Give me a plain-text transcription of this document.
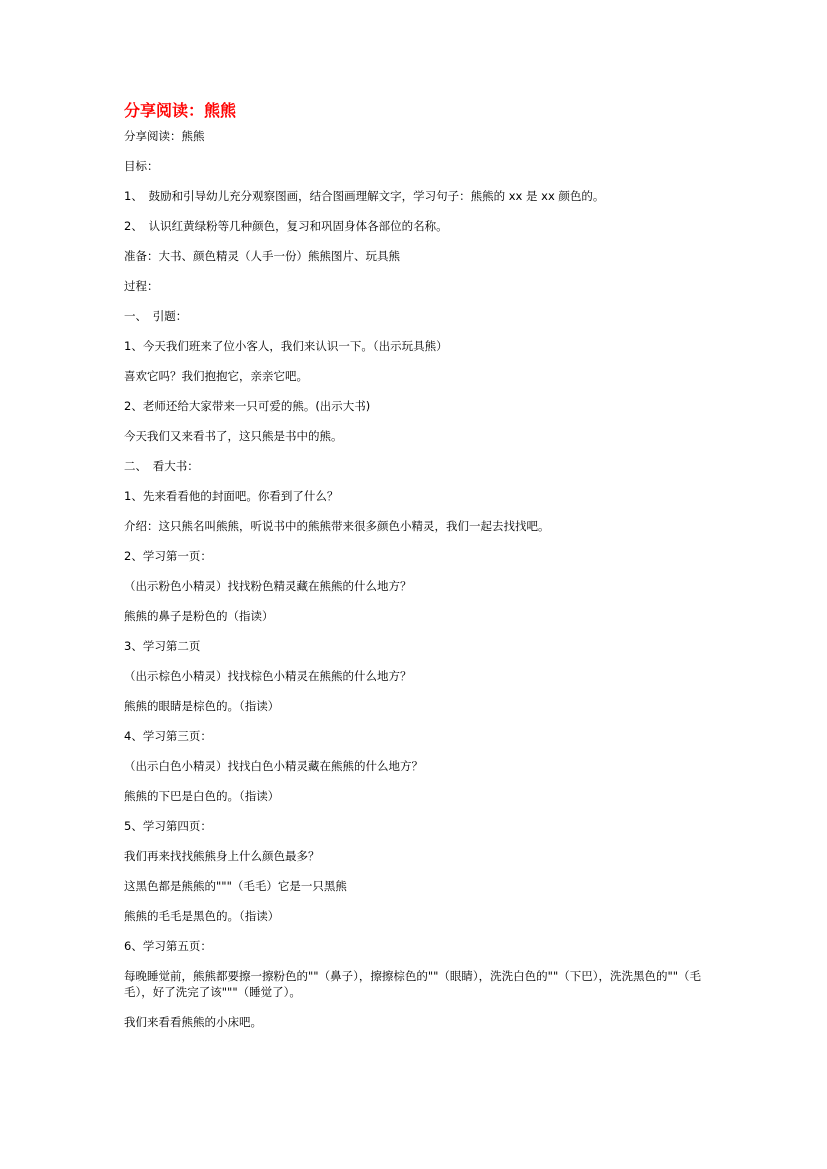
分享阅读：熊熊

分享阅读：熊熊

目标：

1、　鼓励和引导幼儿充分观察图画，结合图画理解文字，学习句子：熊熊的 xx 是 xx 颜色的。

2、　认识红黄绿粉等几种颜色，复习和巩固身体各部位的名称。

准备：大书、颜色精灵（人手一份）熊熊图片、玩具熊

过程：

一、　引题：

1、今天我们班来了位小客人，我们来认识一下。（出示玩具熊）

喜欢它吗？我们抱抱它，亲亲它吧。

2、老师还给大家带来一只可爱的熊。(出示大书)

今天我们又来看书了，这只熊是书中的熊。

二、　看大书：

1、先来看看他的封面吧。你看到了什么？

介绍：这只熊名叫熊熊，听说书中的熊熊带来很多颜色小精灵，我们一起去找找吧。

2、学习第一页：

（出示粉色小精灵）找找粉色精灵藏在熊熊的什么地方？

熊熊的鼻子是粉色的（指读）

3、学习第二页

（出示棕色小精灵）找找棕色小精灵在熊熊的什么地方？

熊熊的眼睛是棕色的。（指读）

4、学习第三页：

（出示白色小精灵）找找白色小精灵藏在熊熊的什么地方？

熊熊的下巴是白色的。（指读）

5、学习第四页：

我们再来找找熊熊身上什么颜色最多？

这黑色都是熊熊的"""（毛毛）它是一只黑熊

熊熊的毛毛是黑色的。（指读）

6、学习第五页：

每晚睡觉前，熊熊都要擦一擦粉色的""（鼻子），擦擦棕色的""（眼睛），洗洗白色的""（下巴），洗洗黑色的""（毛毛），好了洗完了该"""（睡觉了）。

我们来看看熊熊的小床吧。
